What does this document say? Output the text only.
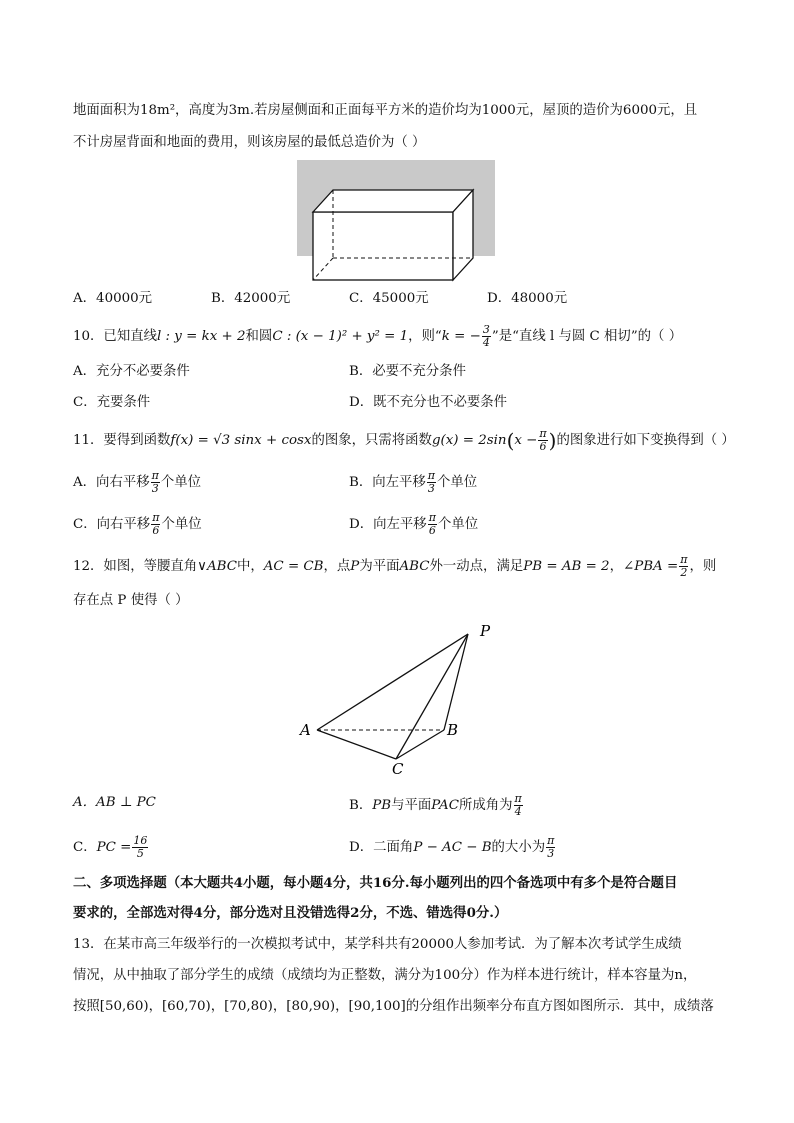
地面面积为18m²，高度为3m.若房屋侧面和正面每平方米的造价均为1000元，屋顶的造价为6000元，且
不计房屋背面和地面的费用，则该房屋的最低总造价为（ ）
A．40000元	B．42000元	C．45000元	D．48000元
10．已知直线l : y = kx + 2和圆C : (x − 1)² + y² = 1，则“k = − $\frac{3}{4}$ ”是“直线 l 与圆 C 相切”的（ ）
A．充分不必要条件	B．必要不充分条件
C．充要条件	D．既不充分也不必要条件
11．要得到函数f(x) = √3 sinx + cosx的图象，只需将函数$g(x) = 2\sin(x - \frac{\pi}{6}$ )的图象进行如下变换得到（ ）
A．向右平移 $\frac{\pi}{3}$ 个单位	B．向左平移 $\frac{\pi}{3}$ 个单位
C．向右平移 $\frac{\pi}{6}$ 个单位	D．向左平移 $\frac{\pi}{6}$ 个单位
12．如图，等腰直角∨ABC中，AC = CB，点P为平面ABC外一动点，满足PB = AB = 2，∠PBA = $\frac{\pi}{2}$ ，则
存在点 P 使得（ ）
P
A	B
C
A．AB ⊥ PC	B．PB与平面PAC所成角为 $\frac{\pi}{4}$
C．PC = $\frac{16}{5}$	D．二面角P − AC − B的大小为 $\frac{\pi}{3}$
二、多项选择题（本大题共4小题，每小题4分，共16分.每小题列出的四个备选项中有多个是符合题目
要求的，全部选对得4分，部分选对且没错选得2分，不选、错选得0分.）
13．在某市高三年级举行的一次模拟考试中，某学科共有20000人参加考试．为了解本次考试学生成绩
情况，从中抽取了部分学生的成绩（成绩均为正整数，满分为100分）作为样本进行统计，样本容量为n，
按照[50,60)，[60,70)，[70,80)，[80,90)，[90,100]的分组作出频率分布直方图如图所示．其中，成绩落
